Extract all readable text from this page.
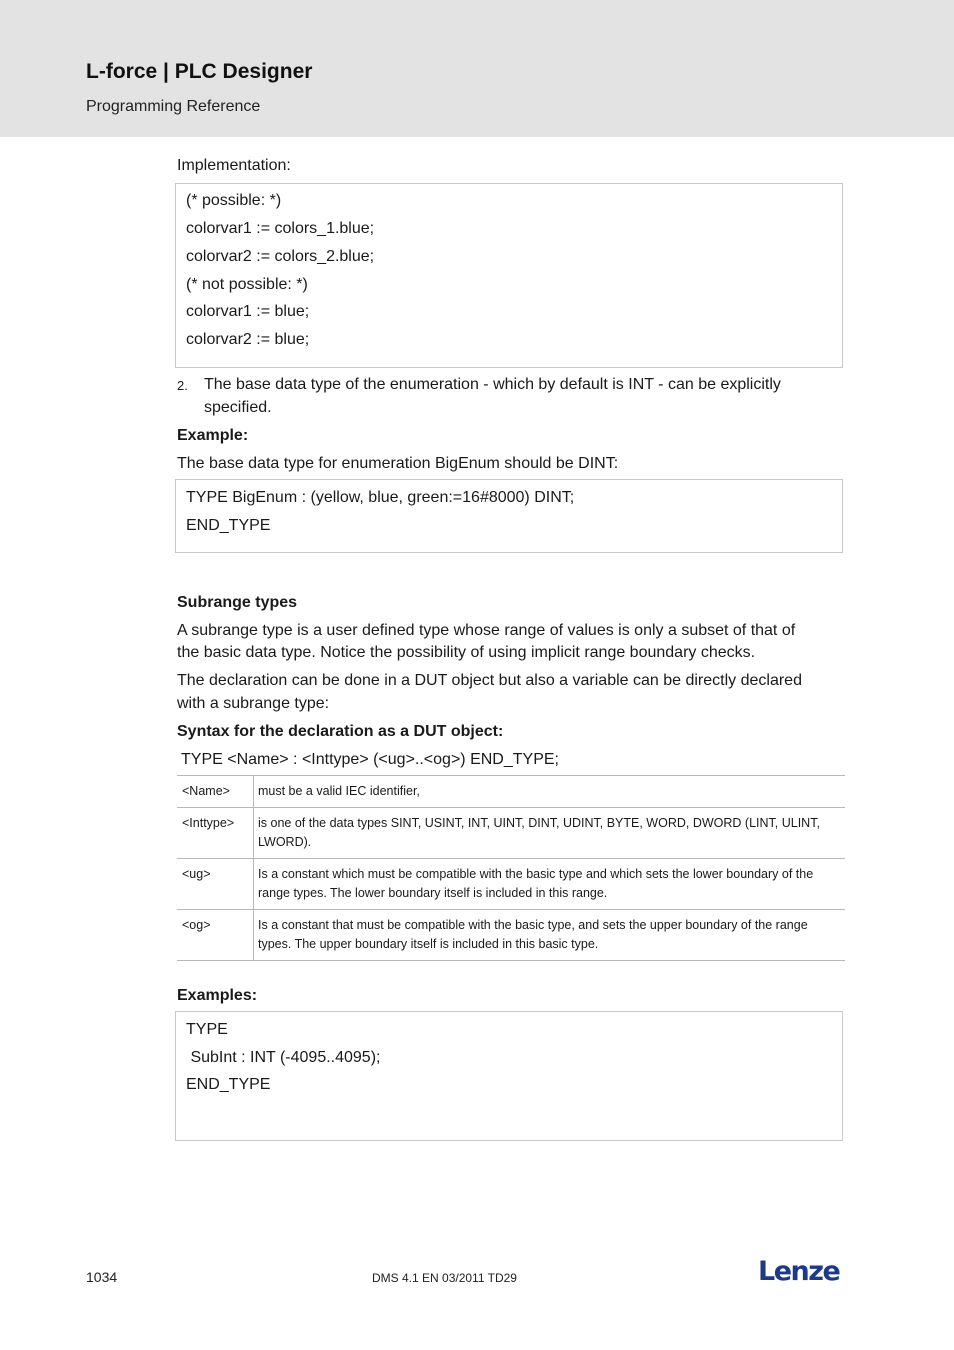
L-force | PLC Designer
Programming Reference
Implementation:
(* possible: *)
colorvar1 := colors_1.blue;
colorvar2 := colors_2.blue;
(* not possible: *)
colorvar1 := blue;
colorvar2 := blue;
2. The base data type of the enumeration - which by default is INT - can be explicitly
specified.
Example:
The base data type for enumeration BigEnum should be DINT:
TYPE BigEnum : (yellow, blue, green:=16#8000) DINT;
END_TYPE
Subrange types
A subrange type is a user defined type whose range of values is only a subset of that of
the basic data type. Notice the possibility of using implicit range boundary checks.
The declaration can be done in a DUT object but also a variable can be directly declared
with a subrange type:
Syntax for the declaration as a DUT object:
TYPE <Name> : <Inttype> (<ug>..<og>) END_TYPE;
<Name>	must be a valid IEC identifier,
<Inttype>	is one of the data types SINT, USINT, INT, UINT, DINT, UDINT, BYTE, WORD, DWORD (LINT, ULINT, LWORD).
<ug>	Is a constant which must be compatible with the basic type and which sets the lower boundary of the range types. The lower boundary itself is included in this range.
<og>	Is a constant that must be compatible with the basic type, and sets the upper boundary of the range types. The upper boundary itself is included in this basic type.
Examples:
TYPE
SubInt : INT (-4095..4095);
END_TYPE
1034	DMS 4.1 EN 03/2011 TD29	Lenze
